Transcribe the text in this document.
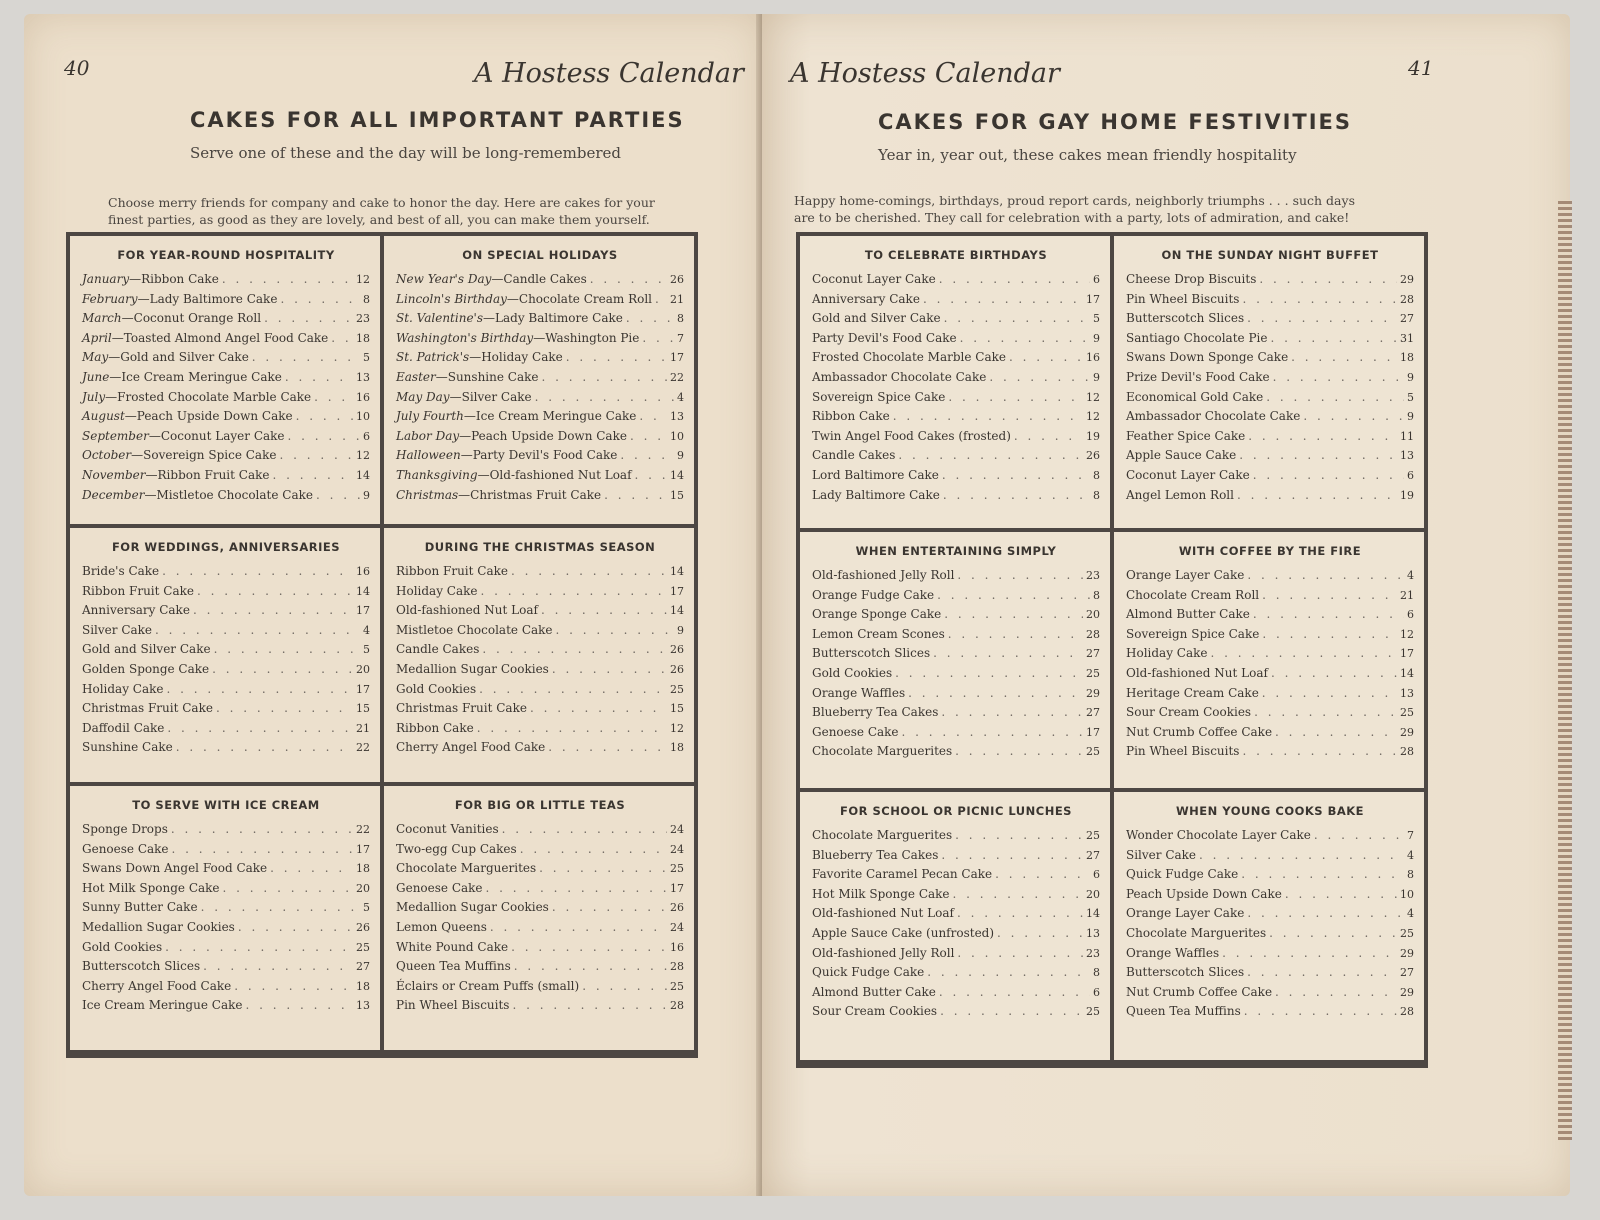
40	A Hostess Calendar
CAKES FOR ALL IMPORTANT PARTIES
Serve one of these and the day will be long-remembered
Choose merry friends for company and cake to honor the day. Here are cakes for your
finest parties, as good as they are lovely, and best of all, you can make them yourself.
FOR YEAR-ROUND HOSPITALITY
January—Ribbon Cake . . .	12
February—Lady Baltimore Cake . . .	8
March—Coconut Orange Roll . . .	23
April—Toasted Almond Angel Food Cake . . .	18
May—Gold and Silver Cake . . .	5
June—Ice Cream Meringue Cake . . .	13
July—Frosted Chocolate Marble Cake . . .	16
August—Peach Upside Down Cake . . .	10
September—Coconut Layer Cake . . .	6
October—Sovereign Spice Cake . . .	12
November—Ribbon Fruit Cake . . .	14
December—Mistletoe Chocolate Cake . . .	9
ON SPECIAL HOLIDAYS
New Year's Day—Candle Cakes . . .	26
Lincoln's Birthday—Chocolate Cream Roll . . . 21
St. Valentine's—Lady Baltimore Cake . . .	8
Washington's Birthday—Washington Pie . . .	7
St. Patrick's—Holiday Cake . . .	17
Easter—Sunshine Cake . . .	22
May Day—Silver Cake . . .	4
July Fourth—Ice Cream Meringue Cake . . .	13
Labor Day—Peach Upside Down Cake . . .	10
Halloween—Party Devil's Food Cake . . .	9
Thanksgiving—Old-fashioned Nut Loaf . . .	14
Christmas—Christmas Fruit Cake . . .	15
FOR WEDDINGS, ANNIVERSARIES
Bride's Cake . . .	16
Ribbon Fruit Cake . . .	14
Anniversary Cake . . .	17
Silver Cake . . .	4
Gold and Silver Cake . . .	5
Golden Sponge Cake . . .	20
Holiday Cake . . .	17
Christmas Fruit Cake . . .	15
Daffodil Cake . . .	21
Sunshine Cake . . .	22
DURING THE CHRISTMAS SEASON
Ribbon Fruit Cake . . .	14
Holiday Cake . . .	17
Old-fashioned Nut Loaf . . .	14
Mistletoe Chocolate Cake . . .	9
Candle Cakes . . .	26
Medallion Sugar Cookies . . .	26
Gold Cookies . . .	25
Christmas Fruit Cake . . .	15
Ribbon Cake . . .	12
Cherry Angel Food Cake . . .	18
TO SERVE WITH ICE CREAM
Sponge Drops . . .	22
Genoese Cake . . .	17
Swans Down Angel Food Cake . . .	18
Hot Milk Sponge Cake . . .	20
Sunny Butter Cake . . .	5
Medallion Sugar Cookies . . .	26
Gold Cookies . . .	25
Butterscotch Slices . . .	27
Cherry Angel Food Cake . . .	18
Ice Cream Meringue Cake . . .	13
FOR BIG OR LITTLE TEAS
Coconut Vanities . . .	24
Two-egg Cup Cakes . . .	24
Chocolate Marguerites . . .	25
Genoese Cake . . .	17
Medallion Sugar Cookies . . .	26
Lemon Queens . . .	24
White Pound Cake . . .	16
Queen Tea Muffins . . .	28
Éclairs or Cream Puffs (small) . . .	25
Pin Wheel Biscuits . . .	28
A Hostess Calendar	41
CAKES FOR GAY HOME FESTIVITIES
Year in, year out, these cakes mean friendly hospitality
Happy home-comings, birthdays, proud report cards, neighborly triumphs . . . such days
are to be cherished. They call for celebration with a party, lots of admiration, and cake!
TO CELEBRATE BIRTHDAYS
Coconut Layer Cake . . .	6
Anniversary Cake . . .	17
Gold and Silver Cake . . .	5
Party Devil's Food Cake . . .	9
Frosted Chocolate Marble Cake . . .	16
Ambassador Chocolate Cake . . .	9
Sovereign Spice Cake . . .	12
Ribbon Cake . . .	12
Twin Angel Food Cakes (frosted) . . .	19
Candle Cakes . . .	26
Lord Baltimore Cake . . .	8
Lady Baltimore Cake . . .	8
ON THE SUNDAY NIGHT BUFFET
Cheese Drop Biscuits . . .	29
Pin Wheel Biscuits . . .	28
Butterscotch Slices . . .	27
Santiago Chocolate Pie . . .	31
Swans Down Sponge Cake . . .	18
Prize Devil's Food Cake . . .	9
Economical Gold Cake . . .	5
Ambassador Chocolate Cake . . .	9
Feather Spice Cake . . .	11
Apple Sauce Cake . . .	13
Coconut Layer Cake . . .	6
Angel Lemon Roll . . .	19
WHEN ENTERTAINING SIMPLY
Old-fashioned Jelly Roll . . .	23
Orange Fudge Cake . . .	8
Orange Sponge Cake . . .	20
Lemon Cream Scones . . .	28
Butterscotch Slices . . .	27
Gold Cookies . . .	25
Orange Waffles . . .	29
Blueberry Tea Cakes . . .	27
Genoese Cake . . .	17
Chocolate Marguerites . . .	25
WITH COFFEE BY THE FIRE
Orange Layer Cake . . .	4
Chocolate Cream Roll . . .	21
Almond Butter Cake . . .	6
Sovereign Spice Cake . . .	12
Holiday Cake . . .	17
Old-fashioned Nut Loaf . . .	14
Heritage Cream Cake . . .	13
Sour Cream Cookies . . .	25
Nut Crumb Coffee Cake . . .	29
Pin Wheel Biscuits . . .	28
FOR SCHOOL OR PICNIC LUNCHES
Chocolate Marguerites . . .	25
Blueberry Tea Cakes . . .	27
Favorite Caramel Pecan Cake . . .	6
Hot Milk Sponge Cake . . .	20
Old-fashioned Nut Loaf . . .	14
Apple Sauce Cake (unfrosted) . . .	13
Old-fashioned Jelly Roll . . .	23
Quick Fudge Cake . . .	8
Almond Butter Cake . . .	6
Sour Cream Cookies . . .	25
WHEN YOUNG COOKS BAKE
Wonder Chocolate Layer Cake . . .	7
Silver Cake . . .	4
Quick Fudge Cake . . .	8
Peach Upside Down Cake . . .	10
Orange Layer Cake . . .	4
Chocolate Marguerites . . .	25
Orange Waffles . . .	29
Butterscotch Slices . . .	27
Nut Crumb Coffee Cake . . .	29
Queen Tea Muffins . . .	28
